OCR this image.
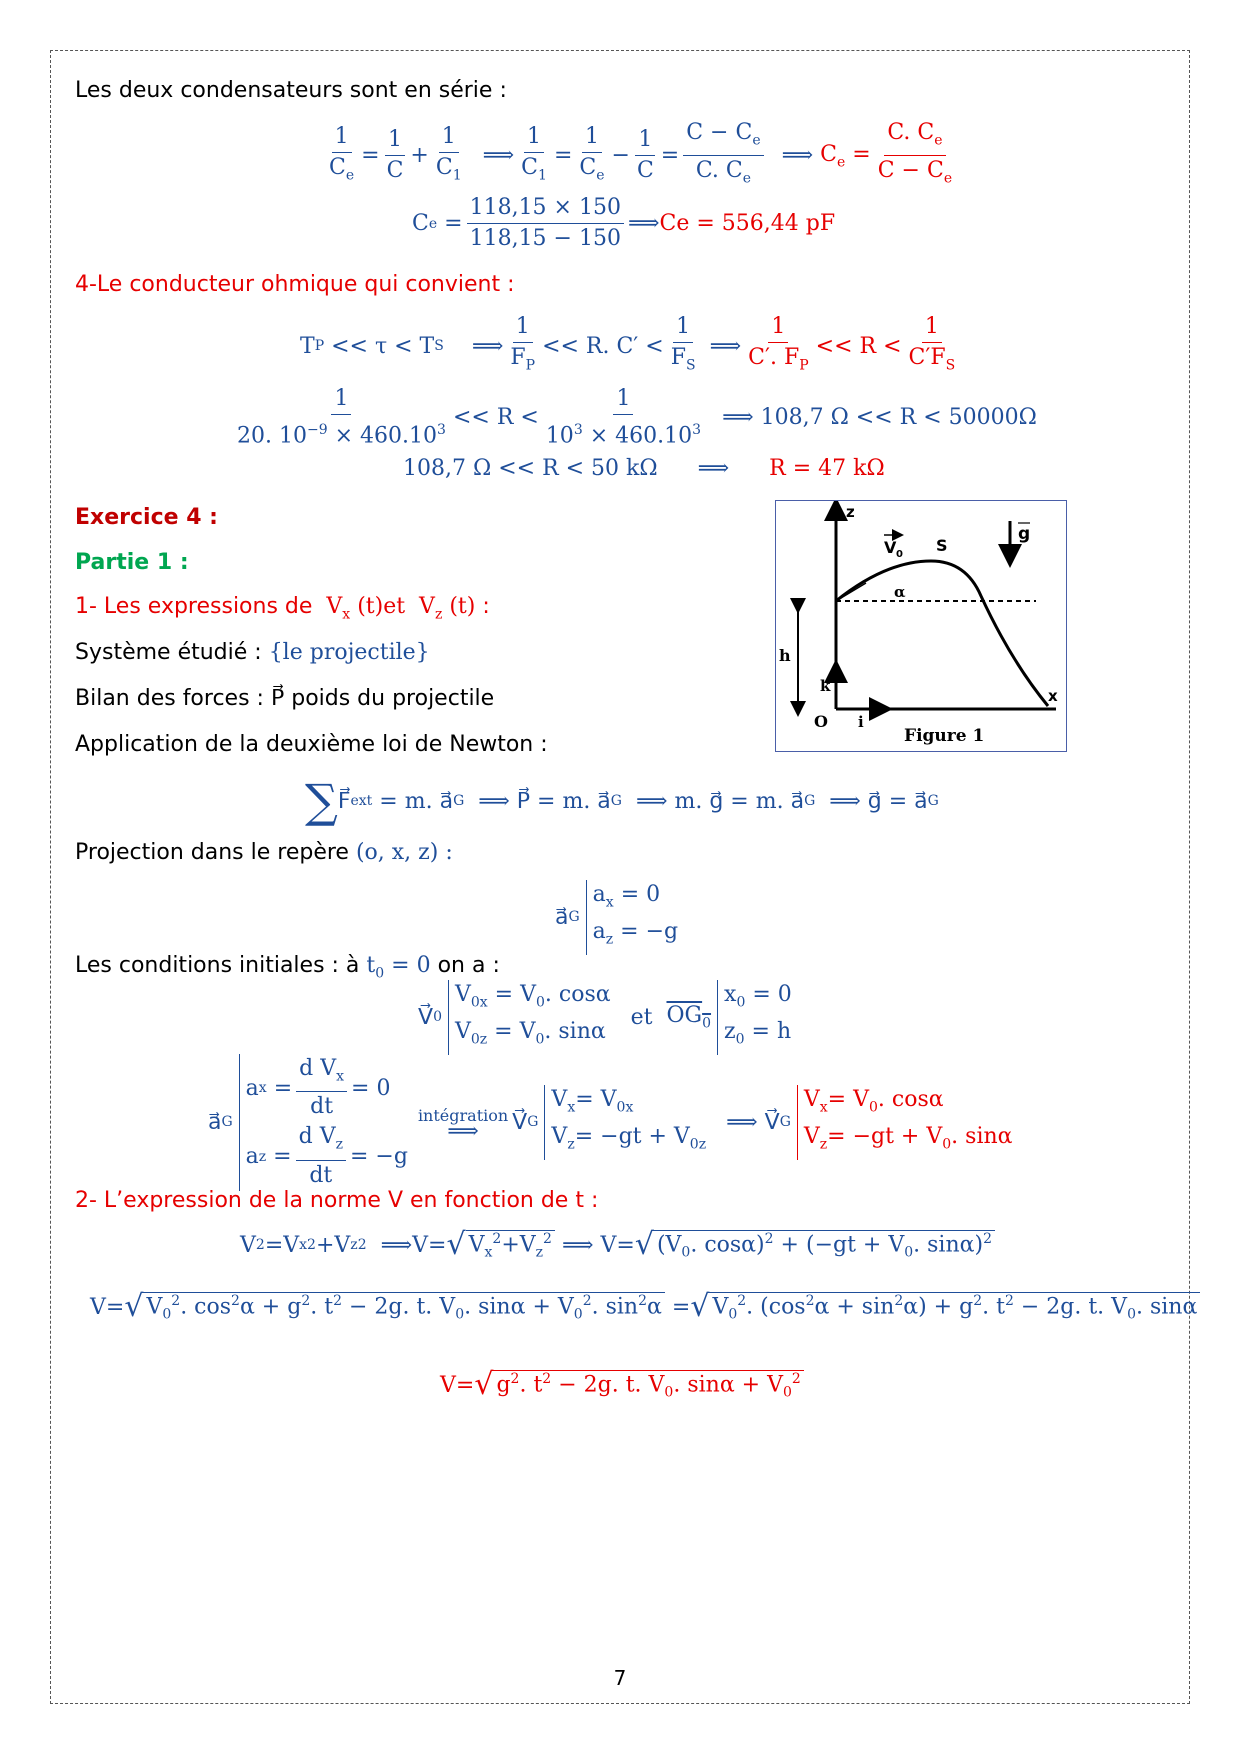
Les deux condensateurs sont en série :
$\frac{1}{C_e} = \frac{1}{C} + \frac{1}{C_1}$ ⟹ $\frac{1}{C_1} = \frac{1}{C_e} - \frac{1}{C} = \frac{C - C_e}{C. C_e}$ ⟹ $C_e = \frac{C. C_e}{C - C_e}$
C $e = \frac{118,15 \times 150}{118,15 - 150}$ ⟹ Ce = 556,44 pF
4-Le conducteur ohmique qui convient :
T P << τ < T S ⟹ $\frac{1}{F_P} << R$. $C' < \frac{1}{F_S}$ ⟹ $\frac{1}{C'. F_P} << R < \frac{1}{C'F_S}$
$\frac{1}{20. 10^{-9} \times 460.10^3} << R < \frac{1}{10^3 \times 460.10^3}$ ⟹ 108,7 Ω << R < 50000Ω
108,7 Ω << R < 50 kΩ ⟹ R = 47 kΩ
Exercice 4 :
Partie 1 :
1- Les expressions de  $V_x$ (t)et  $V_z$ (t) :
Système étudié : {le projectile}
Bilan des forces : P⃗ poids du projectile
Application de la deuxième loi de Newton :
z
x
O
h
S
α
V 0
g
i
k
Figure 1
∑ F⃗ ext = m. a⃗ G ⟹ P⃗ = m. a⃗ G ⟹ m. g⃗ = m. a⃗ G ⟹ g⃗ = a⃗ G
Projection dans le repère (o, x, z) :
a⃗ G
$a_x = 0$
$a_z = -g$
Les conditions initiales : à $t_0 = 0$ on a :
V⃗ 0
$V_{0x} = V_0$. cosα
$V_{0z} = V_0$. sinα
et $OG_0$
$x_0 = 0$
$z_0 = h$
a⃗ G
a $x = \frac{d V_x}{dt} = 0$
a $z = \frac{d V_z}{dt} = -g$
intégration
⟹ V⃗ G
$V_x= V_{0x}$
$V_z= -gt + V_{0z}$
⟹ V⃗ G
$V_x= V_0$. cosα
$V_z= -gt + V_0$. sinα
2- L’expression de la norme V en fonction de t :
V 2 =V x 2 +V z 2 ⟹V= √ $V_x^2+V_z^2$ ⟹ V= √ ($V_0$. $\cos\alpha)^2 + (-gt + V_0$. sinα)$^2$
V= √ $V_0^2$. $\cos^2\alpha + g^2$. $t^2 - 2g$. t. $V_0$. $\sin\alpha + V_0^2$. $\sin^2\alpha$ = √ $V_0^2$. $(\cos^2\alpha + \sin^2\alpha) + g^2$. $t^2 - 2g$. t. $V_0$. sinα
V= √ $g^2$. $t^2 - 2g$. t. $V_0$. $\sin\alpha + V_0^2$
7
